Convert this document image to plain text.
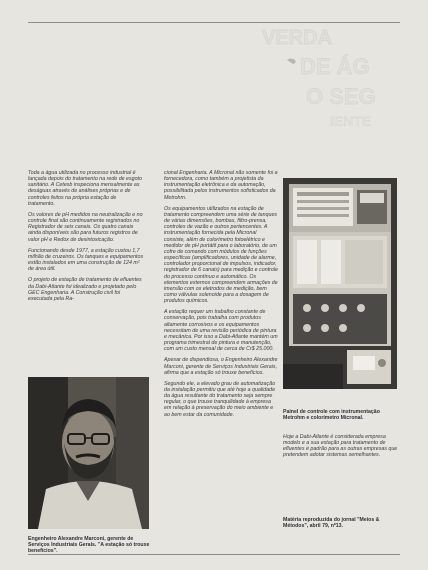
VERDA
DE ÁG
O SEG
IENTE

Toda a água utilizada no processo industrial é lançada depois do tratamento na rede de esgoto sanitário. A Cetesb inspeciona mensalmente as deságuas através de análises próprias e de controles feitos na própria estação de tratamento.

Os valores de pH medidos na neutralização e no controle final são continuamente registrados no Registrador de seis canais. Os quatro canais ainda disponíveis são para futuros registros de valor pH e Redox de desintoxicação.

Funcionando desde 1977, a estação custou 1,7 milhão de cruzeiros. Os tanques e equipamentos estão instalados em uma construção de 124 m² de área útil.

O projeto de estação de tratamento de efluentes da Dabi-Atlante foi idealizado e projetado pelo GEC Engenharia. A Construção civil foi executada pela Ra-

cional Engenharia. A Micronal não somente foi a fornecedora, como também a projetista da instrumentação eletrônica e da automação, possibilitada pelos instrumentos sofisticados da Metrohm.

Os equipamentos utilizados na estação de tratamento compreendem uma série de tanques de várias dimensões, bombas, filtro-prensa, controles de vazão e outros pertencentes. A instrumentação fornecida pela Micronal consiste, além de colorímetro fotoelétrico e medidor de pH portátil para o laboratório, de um cofre de comando com módulos de funções específicas (amplificadores, unidade de alarme, controlador proporcional de impulsos, indicador, registrador de 6 canais) para medição e controle do processo contínuo e automático. Os elementos externos compreendem armações de imersão com os eletrodos de medição, bem como válvulas solenoide para a dosagem de produtos químicos.

A estação requer um trabalho constante de conservação, pois trabalha com produtos altamente corrosivos e os equipamentos necessitam de uma revisão periódica de pintura e mecânica. Por isso a Dabi-Atlante mantém um programa trimestral de pintura e manutenção, com um custo mensal de cerca de Cr$ 25.000.

Apesar de dispendiosa, o Engenheiro Alexandre Marconi, gerente de Serviços Industriais Gerais, afirma que a estação só trouxe benefícios.

Segundo ele, a elevado grau de automatização da instalação permitiu que até hoje a qualidade da água resultante do tratamento seja sempre regular, o que trouxe tranquilidade à empresa em relação à preservação do meio ambiente e ao bem estar da comunidade.	Painel de controle com instrumentação Metrohm e colorímetro Micronal.

Hoje a Dabi-Atlante é considerada empresa modelo e a sua estação para tratamento de efluentes é padrão para as outras empresas que pretendem adotar sistemas semelhantes.

Matéria reproduzida do jornal "Meios & Métodos", abril 79, nº13.
Engenheiro Alexandre Marconi, gerente de Serviços Industriais Gerais. "A estação só trouxe benefícios".
